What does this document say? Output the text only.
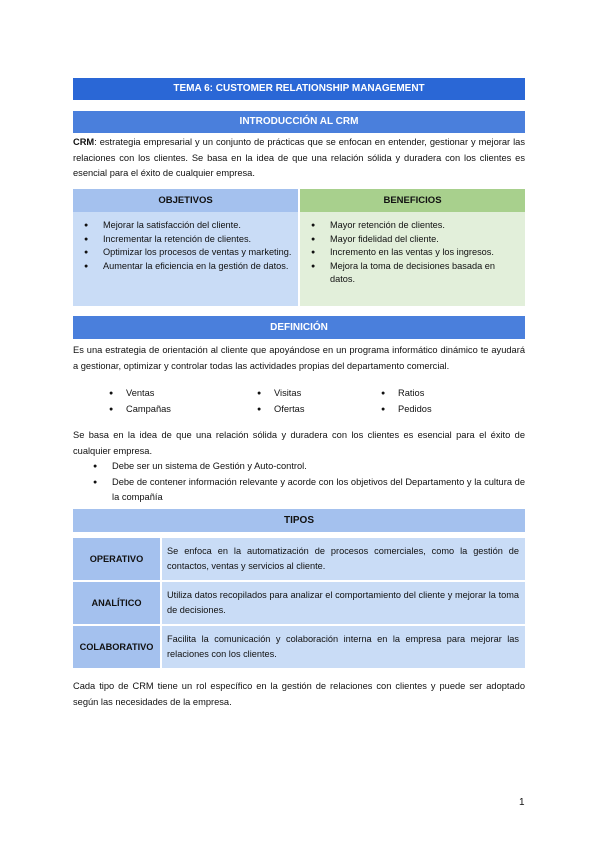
TEMA 6: CUSTOMER RELATIONSHIP MANAGEMENT
INTRODUCCIÓN AL CRM

CRM: estrategia empresarial y un conjunto de prácticas que se enfocan en entender, gestionar y mejorar las relaciones con los clientes. Se basa en la idea de que una relación sólida y duradera con los clientes es esencial para el éxito de cualquier empresa.

OBJETIVOS
● Mejorar la satisfacción del cliente.
● Incrementar la retención de clientes.
● Optimizar los procesos de ventas y marketing.
● Aumentar la eficiencia en la gestión de datos.
BENEFICIOS
● Mayor retención de clientes.
● Mayor fidelidad del cliente.
● Incremento en las ventas y los ingresos.
● Mejora la toma de decisiones basada en datos.
DEFINICIÓN

Es una estrategia de orientación al cliente que apoyándose en un programa informático dinámico te ayudará a gestionar, optimizar y controlar todas las actividades propias del departamento comercial.

● Ventas	● Visitas	● Ratios
● Campañas	● Ofertas	● Pedidos

Se basa en la idea de que una relación sólida y duradera con los clientes es esencial para el éxito de cualquier empresa.

● Debe ser un sistema de Gestión y Auto-control.
● Debe de contener información relevante y acorde con los objetivos del Departamento y la cultura de la compañía
TIPOS
OPERATIVO
Se enfoca en la automatización de procesos comerciales, como la gestión de contactos, ventas y servicios al cliente.
ANALÍTICO
Utiliza datos recopilados para analizar el comportamiento del cliente y mejorar la toma de decisiones.
COLABORATIVO
Facilita la comunicación y colaboración interna en la empresa para mejorar las relaciones con los clientes.

Cada tipo de CRM tiene un rol específico en la gestión de relaciones con clientes y puede ser adoptado según las necesidades de la empresa.

1
